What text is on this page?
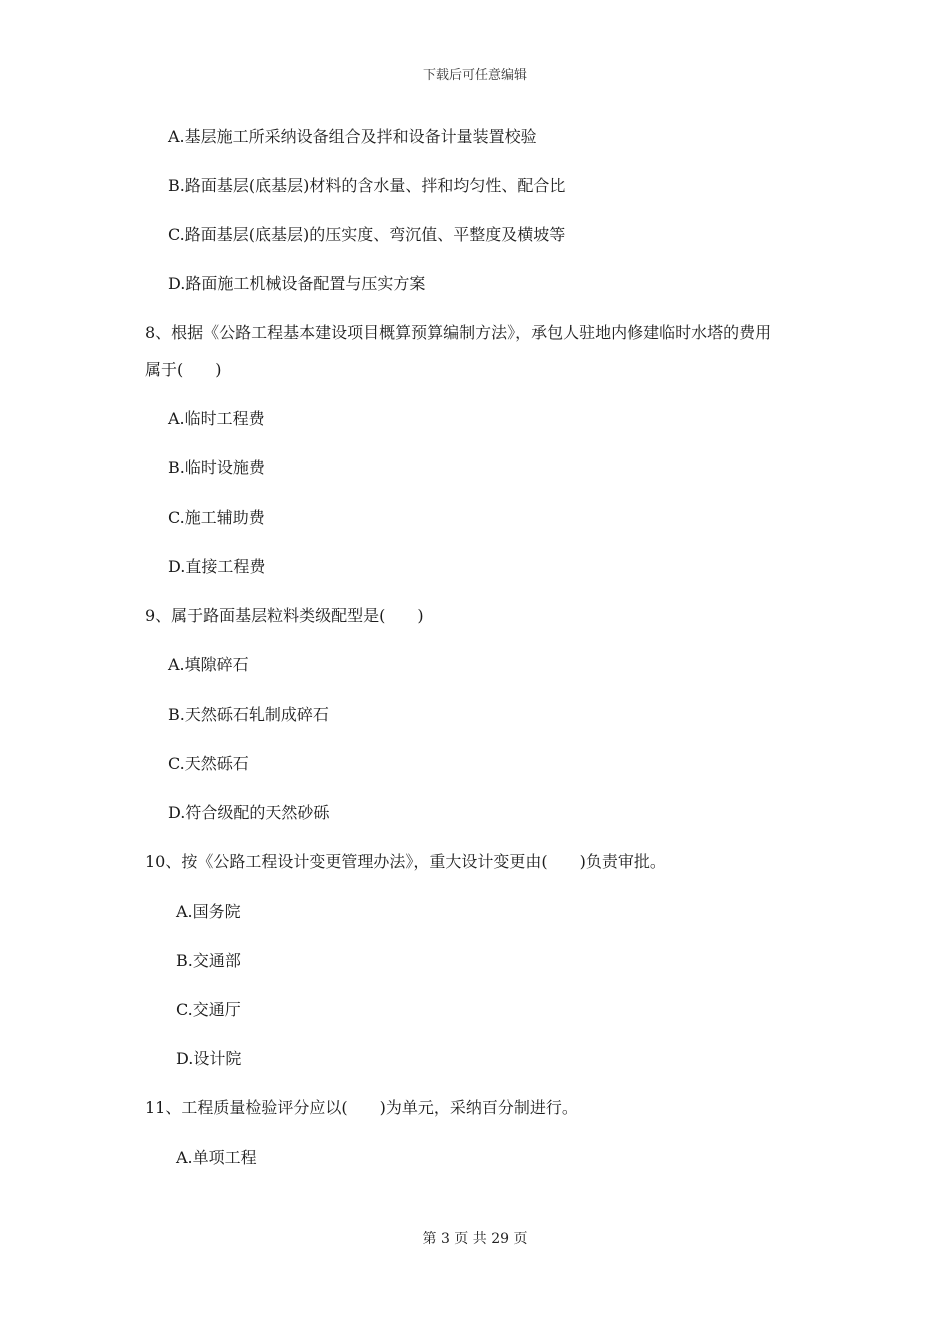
下载后可任意编辑
A.基层施工所采纳设备组合及拌和设备计量装置校验
B.路面基层(底基层)材料的含水量、拌和均匀性、配合比
C.路面基层(底基层)的压实度、弯沉值、平整度及横坡等
D.路面施工机械设备配置与压实方案
8、根据《公路工程基本建设项目概算预算编制方法》，承包人驻地内修建临时水塔的费用
属于(　　)
A.临时工程费
B.临时设施费
C.施工辅助费
D.直接工程费
9、属于路面基层粒料类级配型是(　　)
A.填隙碎石
B.天然砾石轧制成碎石
C.天然砾石
D.符合级配的天然砂砾
10、按《公路工程设计变更管理办法》，重大设计变更由(　　)负责审批。
A.国务院
B.交通部
C.交通厅
D.设计院
11、工程质量检验评分应以(　　)为单元，采纳百分制进行。
A.单项工程
第 3 页 共 29 页
